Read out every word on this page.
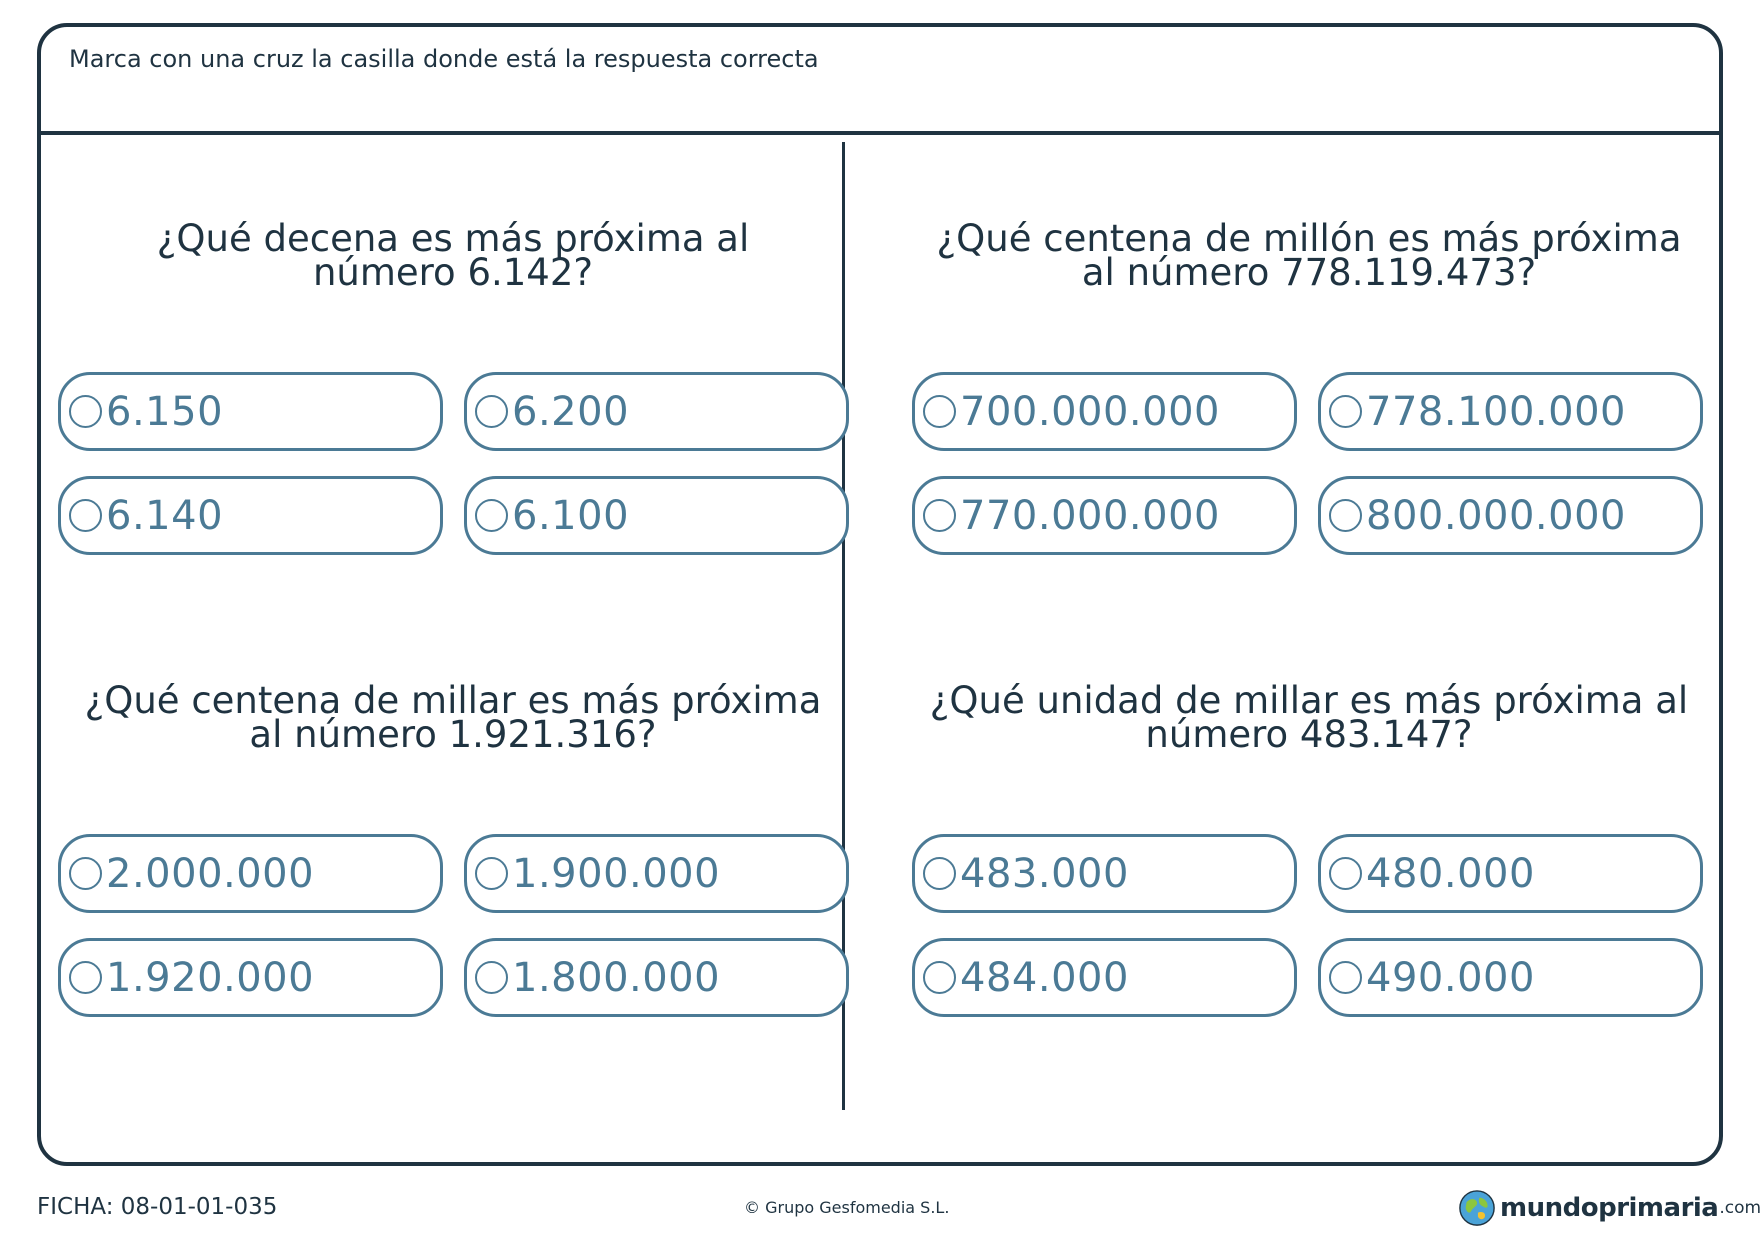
Marca con una cruz la casilla donde está la respuesta correcta
¿Qué decena es más próxima al
número 6.142?
6.150	6.200
6.140	6.100
¿Qué centena de millón es más próxima
al número 778.119.473?
700.000.000	778.100.000
770.000.000	800.000.000
¿Qué centena de millar es más próxima
al número 1.921.316?
2.000.000	1.900.000
1.920.000	1.800.000
¿Qué unidad de millar es más próxima al
número 483.147?
483.000	480.000
484.000	490.000
FICHA: 08-01-01-035	© Grupo Gesfomedia S.L.	mundoprimaria .com
